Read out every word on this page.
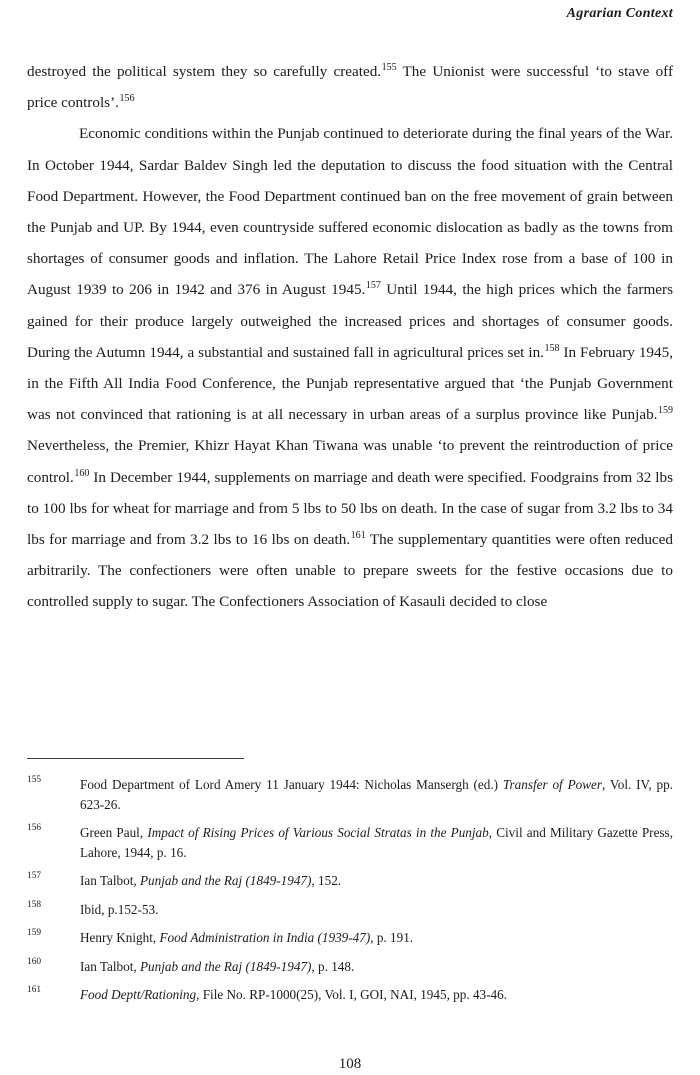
Agrarian Context

destroyed the political system they so carefully created.$^{155}$ The Unionist were successful ‘to stave off price controls’.$^{156}$

Economic conditions within the Punjab continued to deteriorate during the final years of the War. In October 1944, Sardar Baldev Singh led the deputation to discuss the food situation with the Central Food Department. However, the Food Department continued ban on the free movement of grain between the Punjab and UP. By 1944, even countryside suffered economic dislocation as badly as the towns from shortages of consumer goods and inflation. The Lahore Retail Price Index rose from a base of 100 in August 1939 to 206 in 1942 and 376 in August 1945.$^{157}$ Until 1944, the high prices which the farmers gained for their produce largely outweighed the increased prices and shortages of consumer goods. During the Autumn 1944, a substantial and sustained fall in agricultural prices set in.$^{158}$ In February 1945, in the Fifth All India Food Conference, the Punjab representative argued that ‘the Punjab Government was not convinced that rationing is at all necessary in urban areas of a surplus province like Punjab.$^{159}$ Nevertheless, the Premier, Khizr Hayat Khan Tiwana was unable ‘to prevent the reintroduction of price control.$^{160}$ In December 1944, supplements on marriage and death were specified. Foodgrains from 32 lbs to 100 lbs for wheat for marriage and from 5 lbs to 50 lbs on death. In the case of sugar from 3.2 lbs to 34 lbs for marriage and from 3.2 lbs to 16 lbs on death.$^{161}$ The supplementary quantities were often reduced arbitrarily. The confectioners were often unable to prepare sweets for the festive occasions due to controlled supply to sugar. The Confectioners Association of Kasauli decided to close

155	Food Department of Lord Amery 11 January 1944: Nicholas Mansergh (ed.) Transfer of Power, Vol. IV, pp. 623-26.
156	Green Paul, Impact of Rising Prices of Various Social Stratas in the Punjab, Civil and Military Gazette Press, Lahore, 1944, p. 16.
157	Ian Talbot, Punjab and the Raj (1849-1947), 152.
158	Ibid, p.152-53.
159	Henry Knight, Food Administration in India (1939-47), p. 191.
160	Ian Talbot, Punjab and the Raj (1849-1947), p. 148.
161	Food Deptt/Rationing, File No. RP-1000(25), Vol. I, GOI, NAI, 1945, pp. 43-46.
108
